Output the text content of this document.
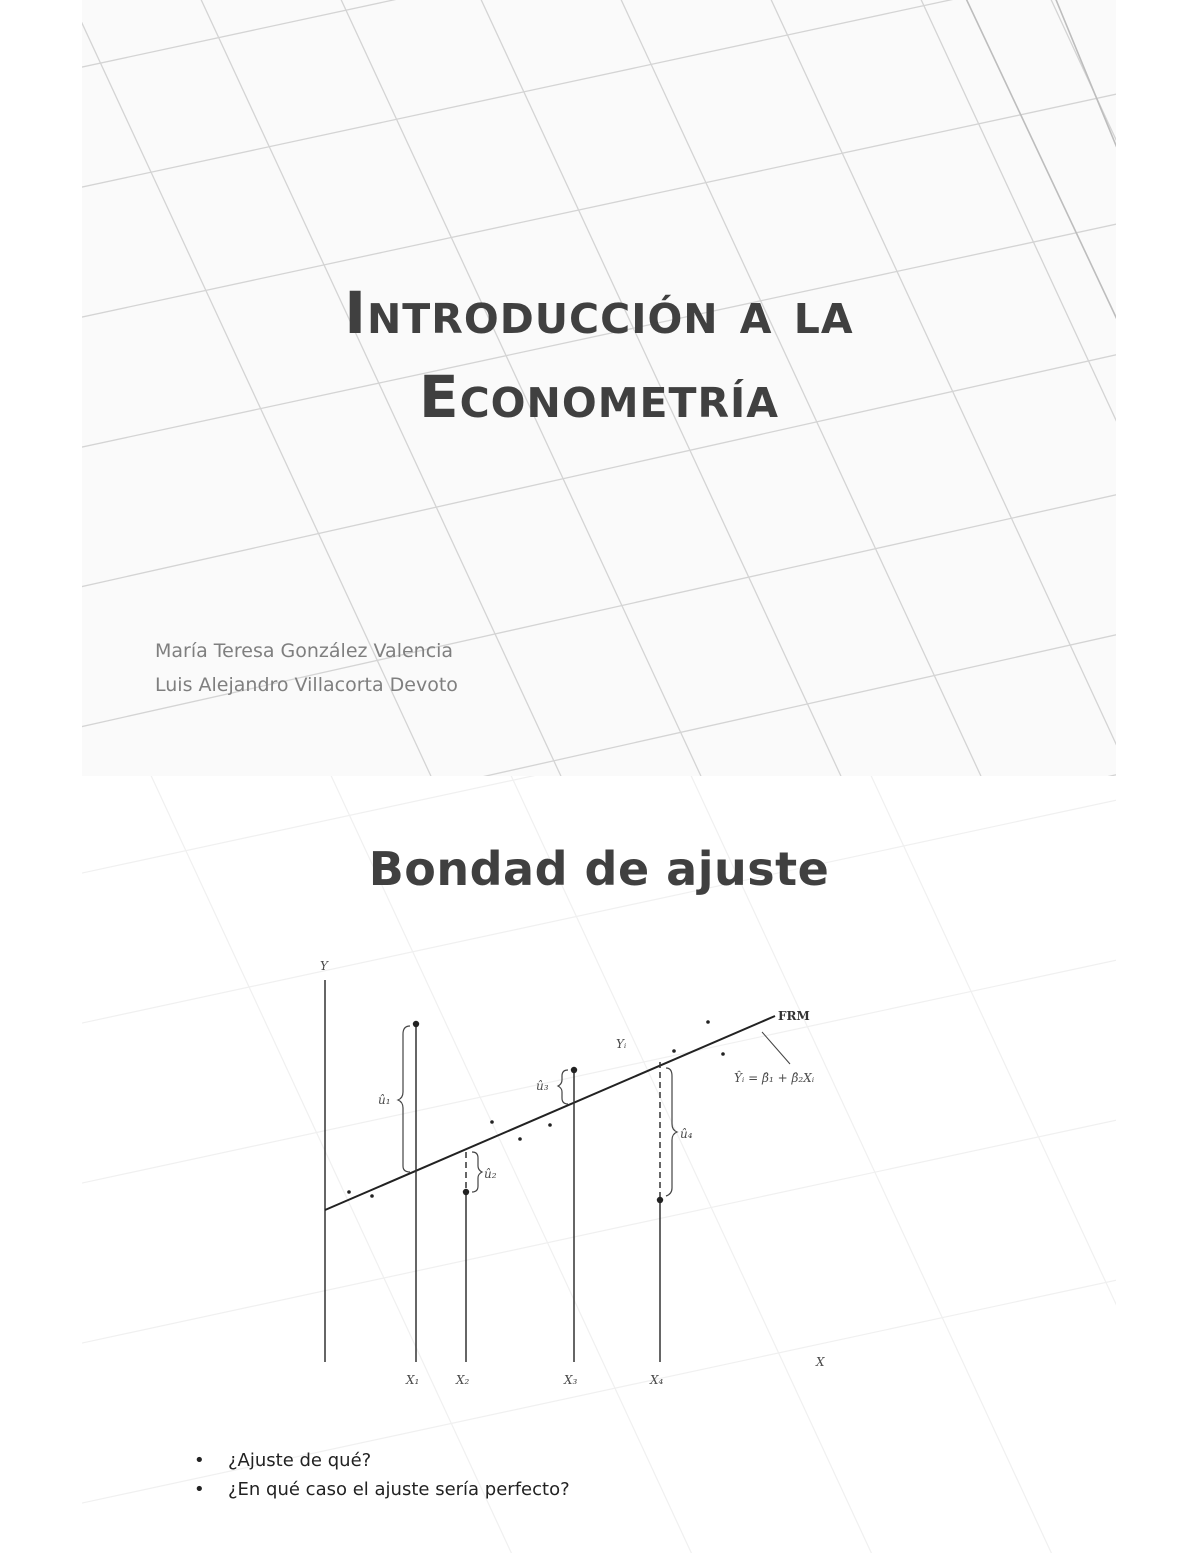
Introducción a la
Econometría
María Teresa González Valencia
Luis Alejandro Villacorta Devoto
Bondad de ajuste
Y
X
FRM
Ŷᵢ = β̂₁ + β̂₂Xᵢ
Yᵢ
û₁
û₂
û₃
û₄
X₁	X₂	X₃	X₄
• ¿Ajuste de qué?
• ¿En qué caso el ajuste sería perfecto?
